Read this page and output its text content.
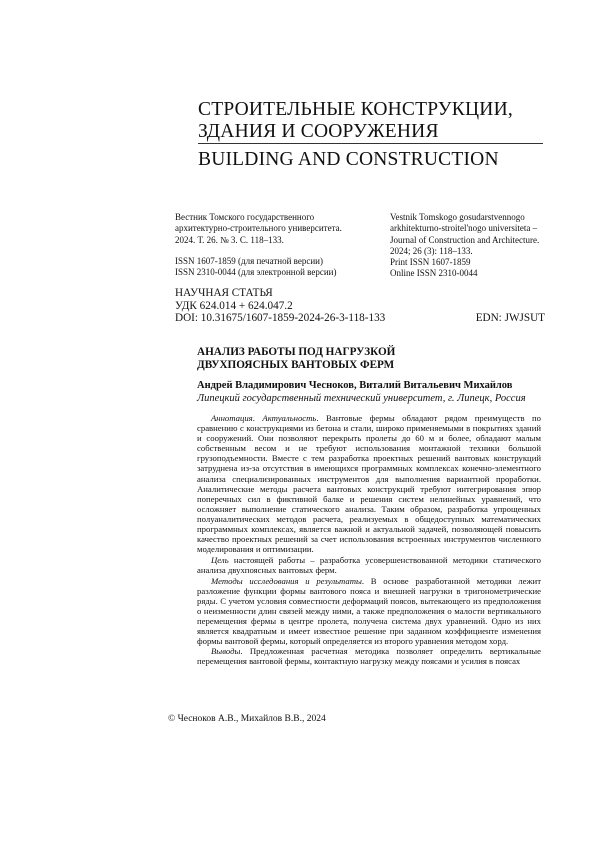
СТРОИТЕЛЬНЫЕ КОНСТРУКЦИИ,
ЗДАНИЯ И СООРУЖЕНИЯ
BUILDING AND CONSTRUCTION
Вестник Томского государственного
архитектурно-строительного университета.
2024. Т. 26. № 3. С. 118–133.
ISSN 1607-1859 (для печатной версии)
ISSN 2310-0044 (для электронной версии)
Vestnik Tomskogo gosudarstvennogo
arkhitekturno-stroitel'nogo universiteta –
Journal of Construction and Architecture.
2024; 26 (3): 118–133.
Print ISSN 1607-1859
Online ISSN 2310-0044
НАУЧНАЯ СТАТЬЯ
УДК 624.014 + 624.047.2
DOI: 10.31675/1607-1859-2024-26-3-118-133	EDN: JWJSUT
АНАЛИЗ РАБОТЫ ПОД НАГРУЗКОЙ
ДВУХПОЯСНЫХ ВАНТОВЫХ ФЕРМ
Андрей Владимирович Чесноков, Виталий Витальевич Михайлов
Липецкий государственный технический университет, г. Липецк, Россия

Аннотация. Актуальность. Вантовые фермы обладают рядом преимуществ по сравнению с конструкциями из бетона и стали, широко применяемыми в покрытиях зданий и сооружений. Они позволяют перекрыть пролеты до 60 м и более, обладают малым собственным весом и не требуют использования монтажной техники большой грузоподъемности. Вместе с тем разработка проектных решений вантовых конструкций затруднена из-за отсутствия в имеющихся программных комплексах конечно-элементного анализа специализированных инструментов для выполнения вариантной проработки. Аналитические методы расчета вантовых конструкций требуют интегрирования эпюр поперечных сил в фиктивной балке и решения систем нелинейных уравнений, что осложняет выполнение статического анализа. Таким образом, разработка упрощенных полуаналитических методов расчета, реализуемых в общедоступных математических программных комплексах, является важной и актуальной задачей, позволяющей повысить качество проектных решений за счет использования встроенных инструментов численного моделирования и оптимизации.

Цель настоящей работы – разработка усовершенствованной методики статического анализа двухпоясных вантовых ферм.

Методы исследования и результаты. В основе разработанной методики лежит разложение функции формы вантового пояса и внешней нагрузки в тригонометрические ряды. С учетом условия совместности деформаций поясов, вытекающего из предположения о неизменности длин связей между ними, а также предположения о малости вертикального перемещения фермы в центре пролета, получена система двух уравнений. Одно из них является квадратным и имеет известное решение при заданном коэффициенте изменения формы вантовой фермы, который определяется из второго уравнения методом хорд.

Выводы. Предложенная расчетная методика позволяет определить вертикальные перемещения вантовой фермы, контактную нагрузку между поясами и усилия в поясах

© Чесноков А.В., Михайлов В.В., 2024
